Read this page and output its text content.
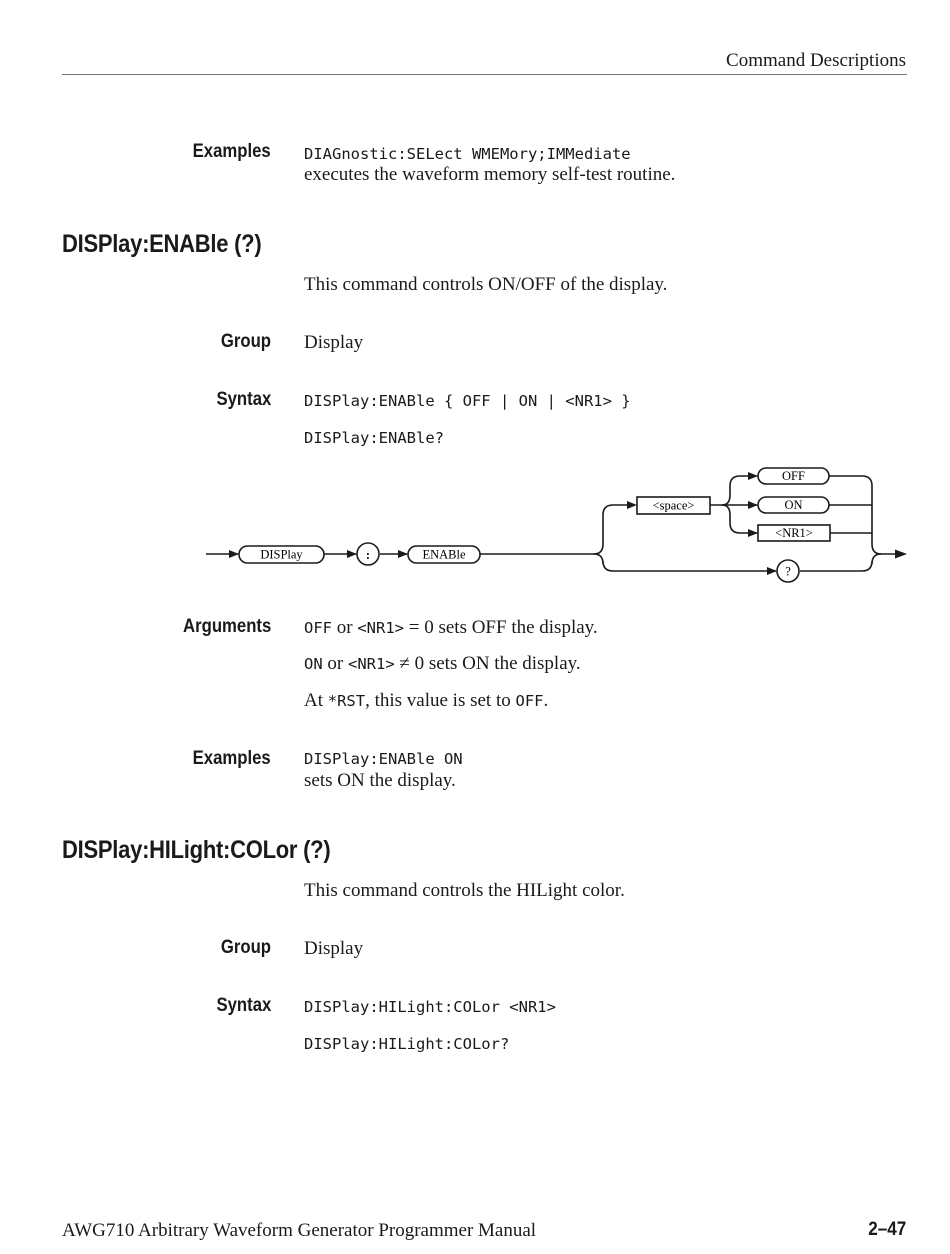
Command Descriptions
Examples DIAGnostic:SELect WMEMory;IMMediate
executes the waveform memory self-test routine.
DISPlay:ENABle (?)
This command controls ON/OFF of the display.
Group Display
Syntax DISPlay:ENABle { OFF | ON | <NR1> }
DISPlay:ENABle?
DISPlay	:	ENABle
<space>
OFF
ON
<NR1>
?
Arguments OFF or <NR1> = 0 sets OFF the display.
ON or <NR1> ≠ 0 sets ON the display.
At *RST, this value is set to OFF.
Examples DISPlay:ENABle ON
sets ON the display.
DISPlay:HILight:COLor (?)
This command controls the HILight color.
Group Display
Syntax DISPlay:HILight:COLor <NR1>
DISPlay:HILight:COLor?
AWG710 Arbitrary Waveform Generator Programmer Manual	2–47
